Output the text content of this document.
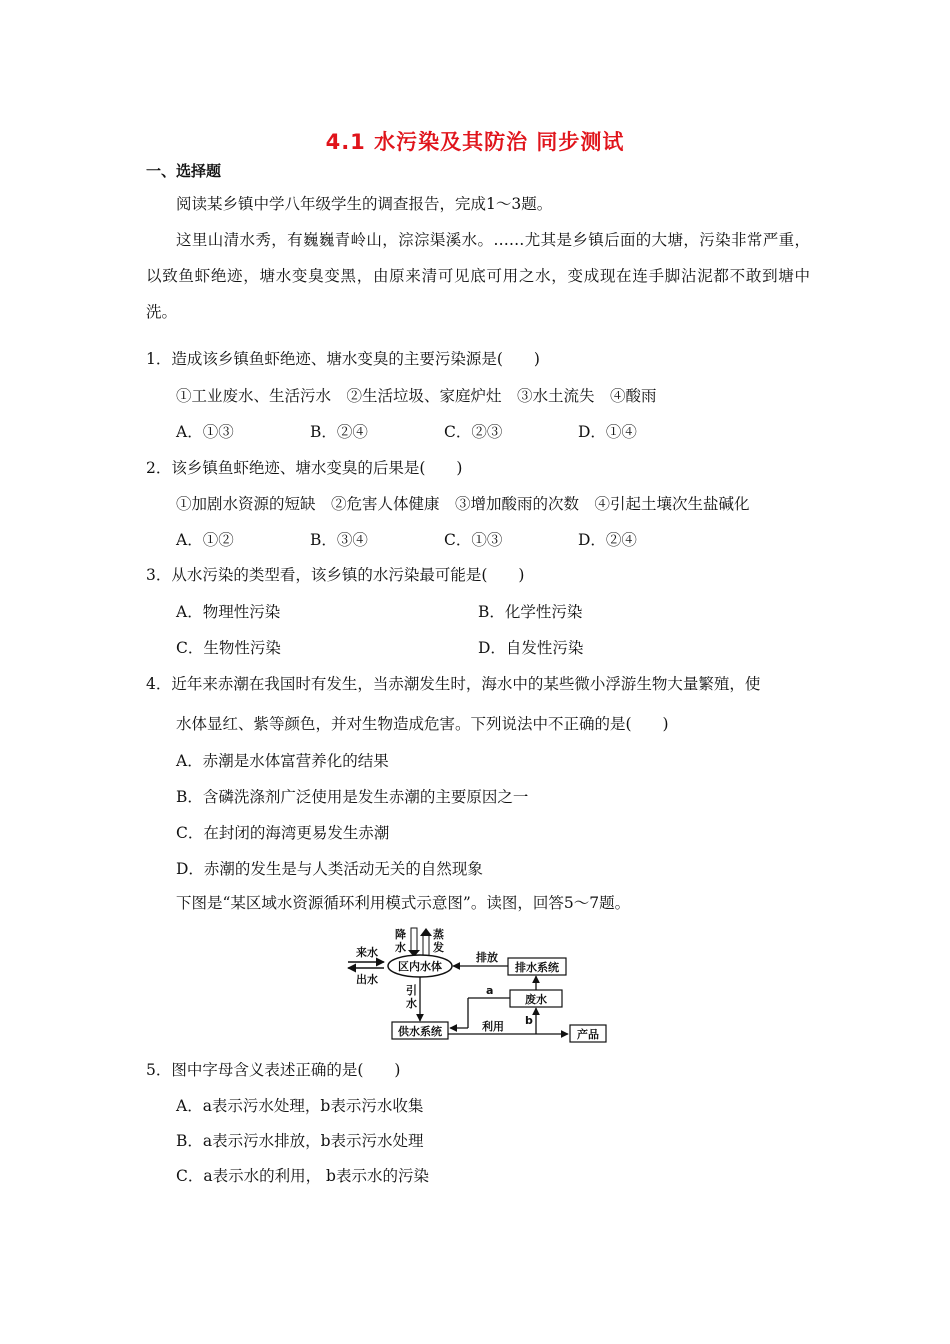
4.1 水污染及其防治 同步测试
一、选择题
阅读某乡镇中学八年级学生的调查报告，完成1～3题。
这里山清水秀，有巍巍青岭山，淙淙渠溪水。……尤其是乡镇后面的大塘，污染非常严重，以致鱼虾绝迹，塘水变臭变黑，由原来清可见底可用之水，变成现在连手脚沾泥都不敢到塘中洗。
1．造成该乡镇鱼虾绝迹、塘水变臭的主要污染源是(　　)
①工业废水、生活污水　②生活垃圾、家庭炉灶　③水土流失　④酸雨
A．①③	B．②④	C．②③	D．①④
2．该乡镇鱼虾绝迹、塘水变臭的后果是(　　)
①加剧水资源的短缺　②危害人体健康　③增加酸雨的次数　④引起土壤次生盐碱化
A．①②	B．③④	C．①③	D．②④
3．从水污染的类型看，该乡镇的水污染最可能是(　　)
A．物理性污染	B．化学性污染
C．生物性污染	D．自发性污染
4．近年来赤潮在我国时有发生，当赤潮发生时，海水中的某些微小浮游生物大量繁殖，使
水体显红、紫等颜色，并对生物造成危害。下列说法中不正确的是(　　)
A．赤潮是水体富营养化的结果
B．含磷洗涤剂广泛使用是发生赤潮的主要原因之一
C．在封闭的海湾更易发生赤潮
D．赤潮的发生是与人类活动无关的自然现象
下图是“某区域水资源循环利用模式示意图”。读图，回答5～7题。
来水
出水
降
水
蒸
发
区内水体	排水系统
排放
废水
a
引
水
供水系统	利用 b
产品
5．图中字母含义表述正确的是(　　)
A．a表示污水处理，b表示污水收集
B．a表示污水排放，b表示污水处理
C．a表示水的利用， b表示水的污染
